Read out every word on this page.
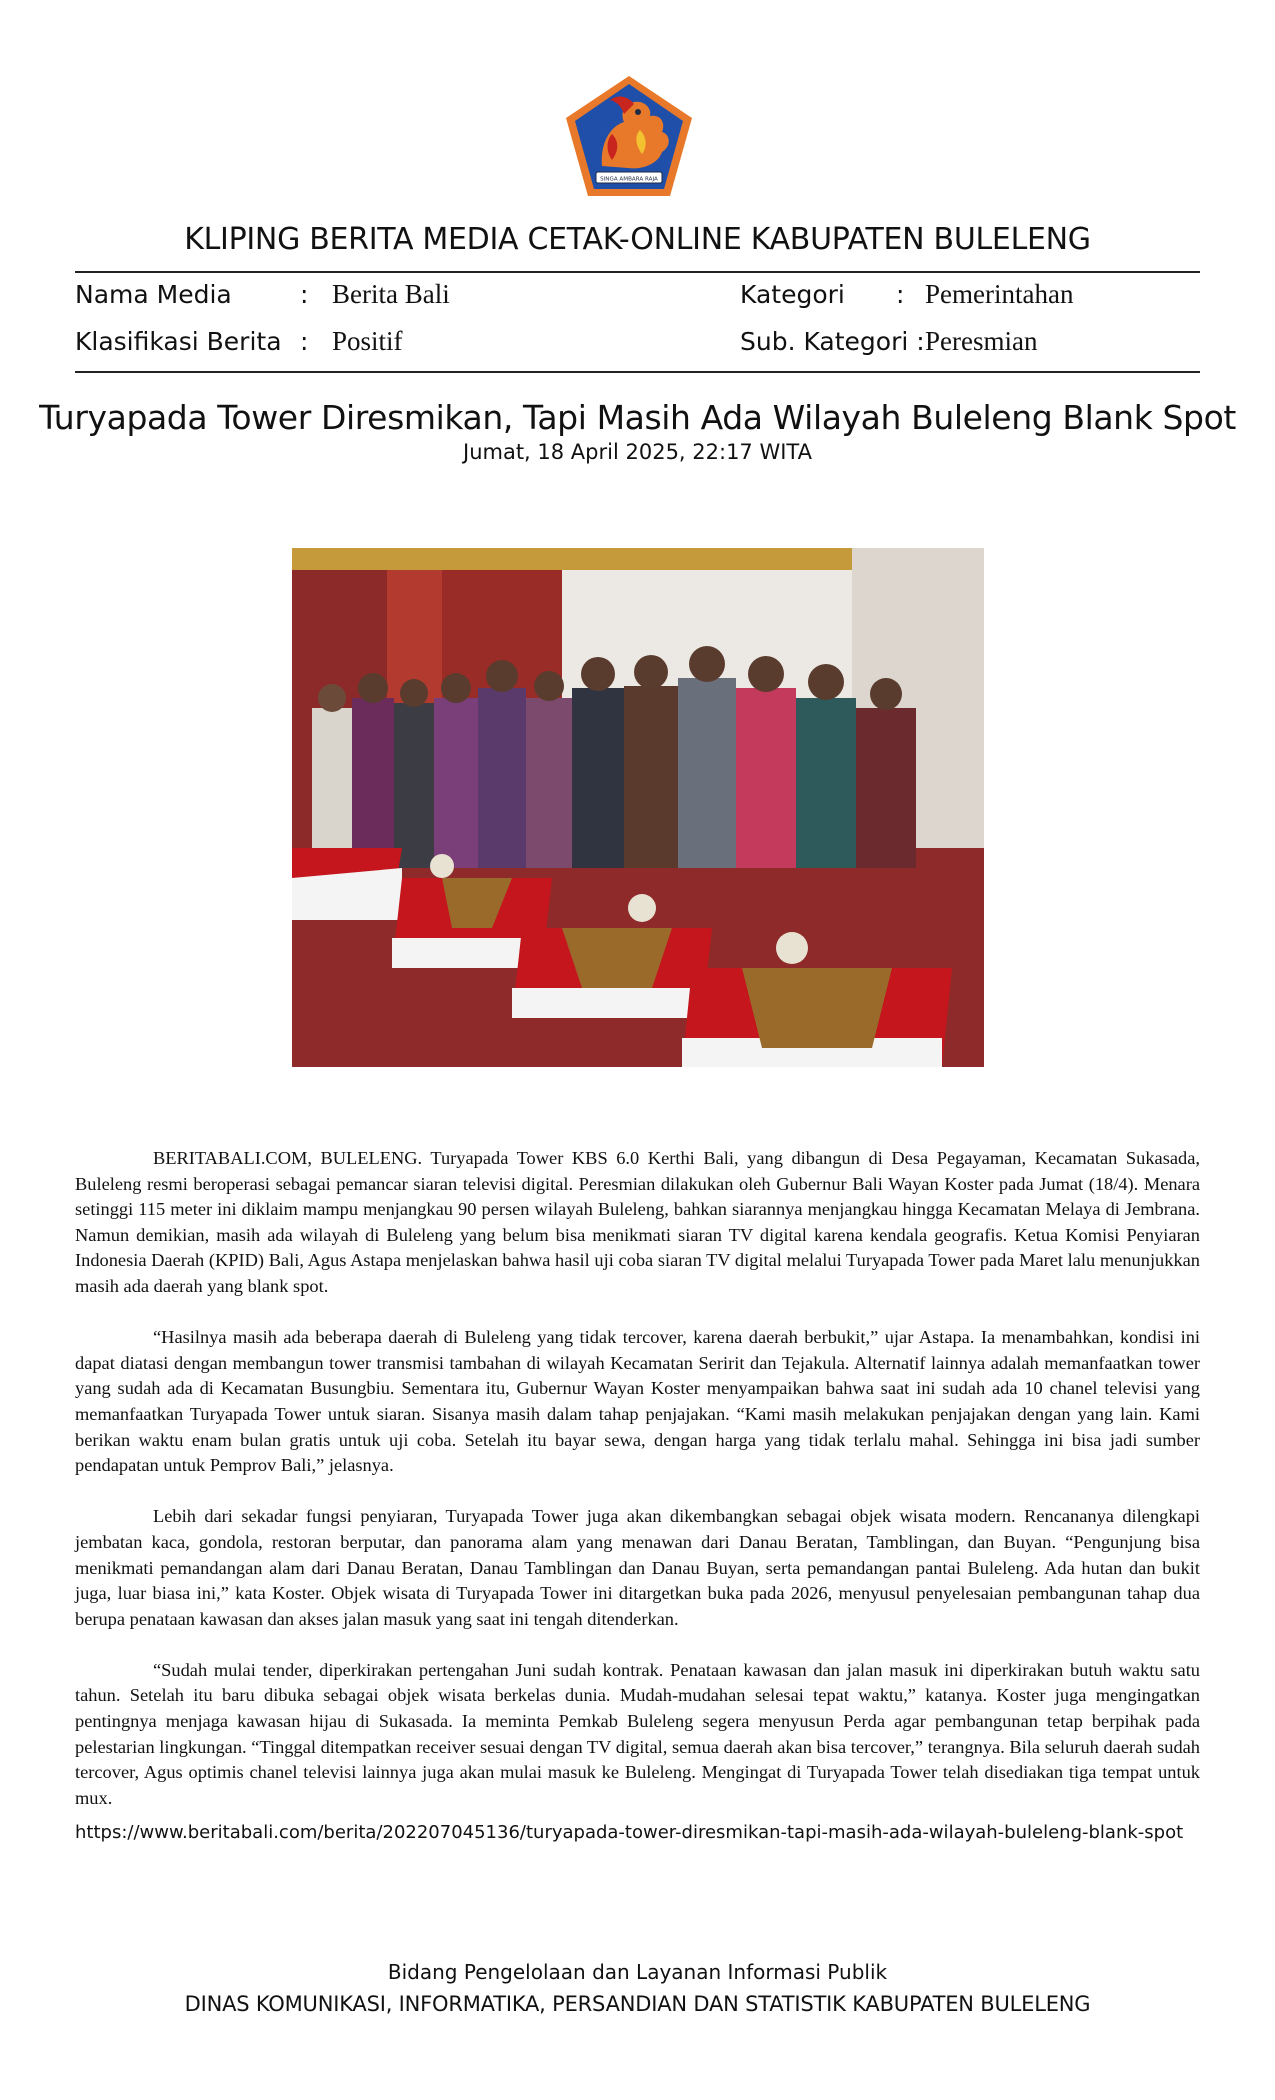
SINGA AMBARA RAJA
KLIPING BERITA MEDIA CETAK-ONLINE KABUPATEN BULELENG
Nama Media	: Berita Bali
Klasifikasi Berita : Positif
Kategori : Pemerintahan
Sub. Kategori : Peresmian
Turyapada Tower Diresmikan, Tapi Masih Ada Wilayah Buleleng Blank Spot
Jumat, 18 April 2025, 22:17 WITA

BERITABALI.COM, BULELENG. Turyapada Tower KBS 6.0 Kerthi Bali, yang dibangun di Desa Pegayaman, Kecamatan Sukasada, Buleleng resmi beroperasi sebagai pemancar siaran televisi digital. Peresmian dilakukan oleh Gubernur Bali Wayan Koster pada Jumat (18/4). Menara setinggi 115 meter ini diklaim mampu menjangkau 90 persen wilayah Buleleng, bahkan siarannya menjangkau hingga Kecamatan Melaya di Jembrana. Namun demikian, masih ada wilayah di Buleleng yang belum bisa menikmati siaran TV digital karena kendala geografis. Ketua Komisi Penyiaran Indonesia Daerah (KPID) Bali, Agus Astapa menjelaskan bahwa hasil uji coba siaran TV digital melalui Turyapada Tower pada Maret lalu menunjukkan masih ada daerah yang blank spot.

“Hasilnya masih ada beberapa daerah di Buleleng yang tidak tercover, karena daerah berbukit,” ujar Astapa. Ia menambahkan, kondisi ini dapat diatasi dengan membangun tower transmisi tambahan di wilayah Kecamatan Seririt dan Tejakula. Alternatif lainnya adalah memanfaatkan tower yang sudah ada di Kecamatan Busungbiu. Sementara itu, Gubernur Wayan Koster menyampaikan bahwa saat ini sudah ada 10 chanel televisi yang memanfaatkan Turyapada Tower untuk siaran. Sisanya masih dalam tahap penjajakan. “Kami masih melakukan penjajakan dengan yang lain. Kami berikan waktu enam bulan gratis untuk uji coba. Setelah itu bayar sewa, dengan harga yang tidak terlalu mahal. Sehingga ini bisa jadi sumber pendapatan untuk Pemprov Bali,” jelasnya.

Lebih dari sekadar fungsi penyiaran, Turyapada Tower juga akan dikembangkan sebagai objek wisata modern. Rencananya dilengkapi jembatan kaca, gondola, restoran berputar, dan panorama alam yang menawan dari Danau Beratan, Tamblingan, dan Buyan. “Pengunjung bisa menikmati pemandangan alam dari Danau Beratan, Danau Tamblingan dan Danau Buyan, serta pemandangan pantai Buleleng. Ada hutan dan bukit juga, luar biasa ini,” kata Koster. Objek wisata di Turyapada Tower ini ditargetkan buka pada 2026, menyusul penyelesaian pembangunan tahap dua berupa penataan kawasan dan akses jalan masuk yang saat ini tengah ditenderkan.

“Sudah mulai tender, diperkirakan pertengahan Juni sudah kontrak. Penataan kawasan dan jalan masuk ini diperkirakan butuh waktu satu tahun. Setelah itu baru dibuka sebagai objek wisata berkelas dunia. Mudah-mudahan selesai tepat waktu,” katanya. Koster juga mengingatkan pentingnya menjaga kawasan hijau di Sukasada. Ia meminta Pemkab Buleleng segera menyusun Perda agar pembangunan tetap berpihak pada pelestarian lingkungan. “Tinggal ditempatkan receiver sesuai dengan TV digital, semua daerah akan bisa tercover,” terangnya. Bila seluruh daerah sudah tercover, Agus optimis chanel televisi lainnya juga akan mulai masuk ke Buleleng. Mengingat di Turyapada Tower telah disediakan tiga tempat untuk mux.

https://www.beritabali.com/berita/202207045136/turyapada-tower-diresmikan-tapi-masih-ada-wilayah-buleleng-blank-spot
Bidang Pengelolaan dan Layanan Informasi Publik
DINAS KOMUNIKASI, INFORMATIKA, PERSANDIAN DAN STATISTIK KABUPATEN BULELENG
